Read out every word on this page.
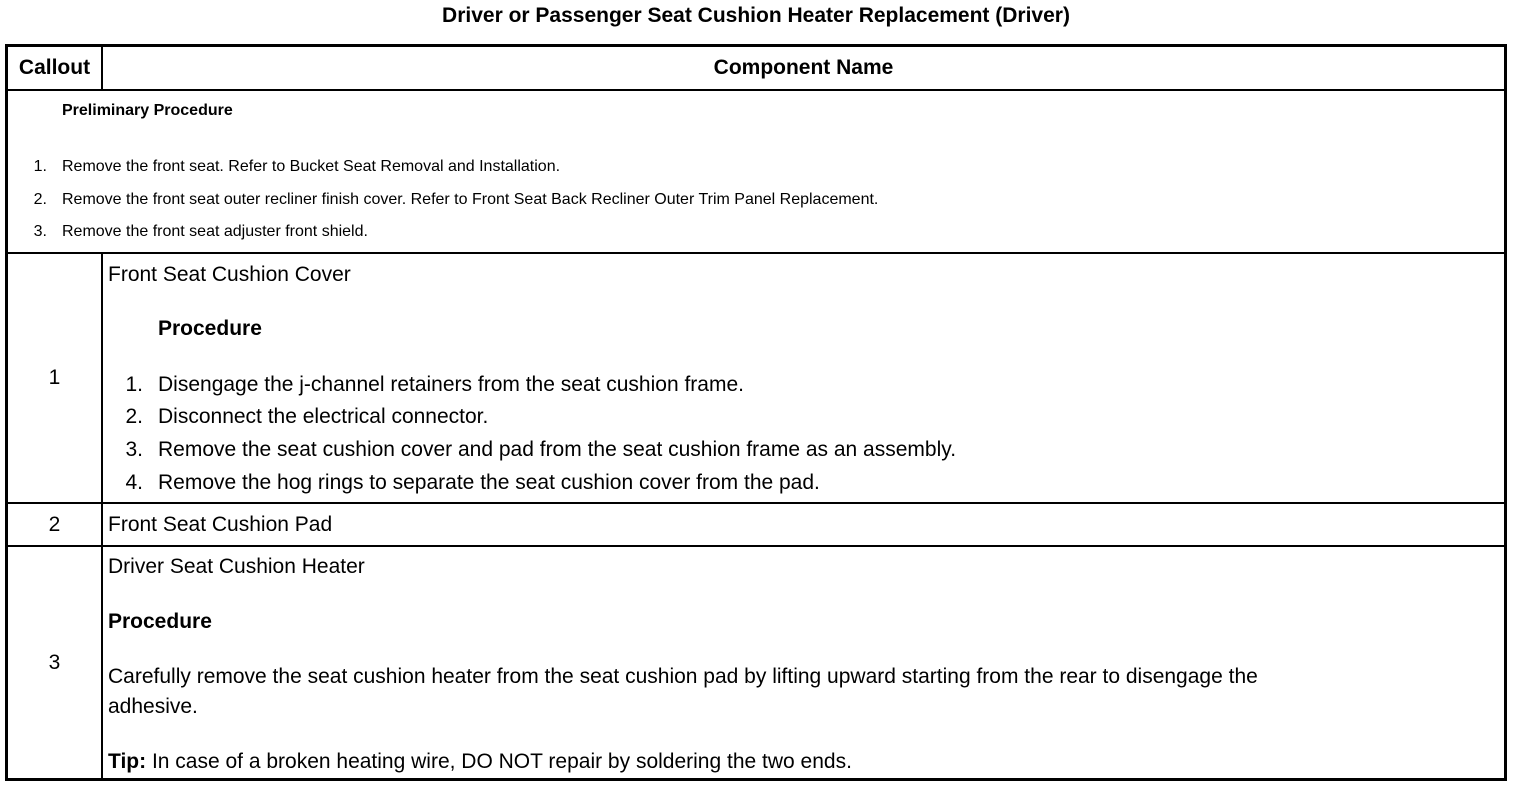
Driver or Passenger Seat Cushion Heater Replacement (Driver)
Callout	Component Name
Preliminary Procedure
1. Remove the front seat. Refer to Bucket Seat Removal and Installation.
2. Remove the front seat outer recliner finish cover. Refer to Front Seat Back Recliner Outer Trim Panel Replacement.
3. Remove the front seat adjuster front shield.
1
Front Seat Cushion Cover
Procedure
1. Disengage the j-channel retainers from the seat cushion frame.
2. Disconnect the electrical connector.
3. Remove the seat cushion cover and pad from the seat cushion frame as an assembly.
4. Remove the hog rings to separate the seat cushion cover from the pad.
2	Front Seat Cushion Pad
3
Driver Seat Cushion Heater
Procedure
Carefully remove the seat cushion heater from the seat cushion pad by lifting upward starting from the rear to disengage the
adhesive.
Tip: In case of a broken heating wire, DO NOT repair by soldering the two ends.
